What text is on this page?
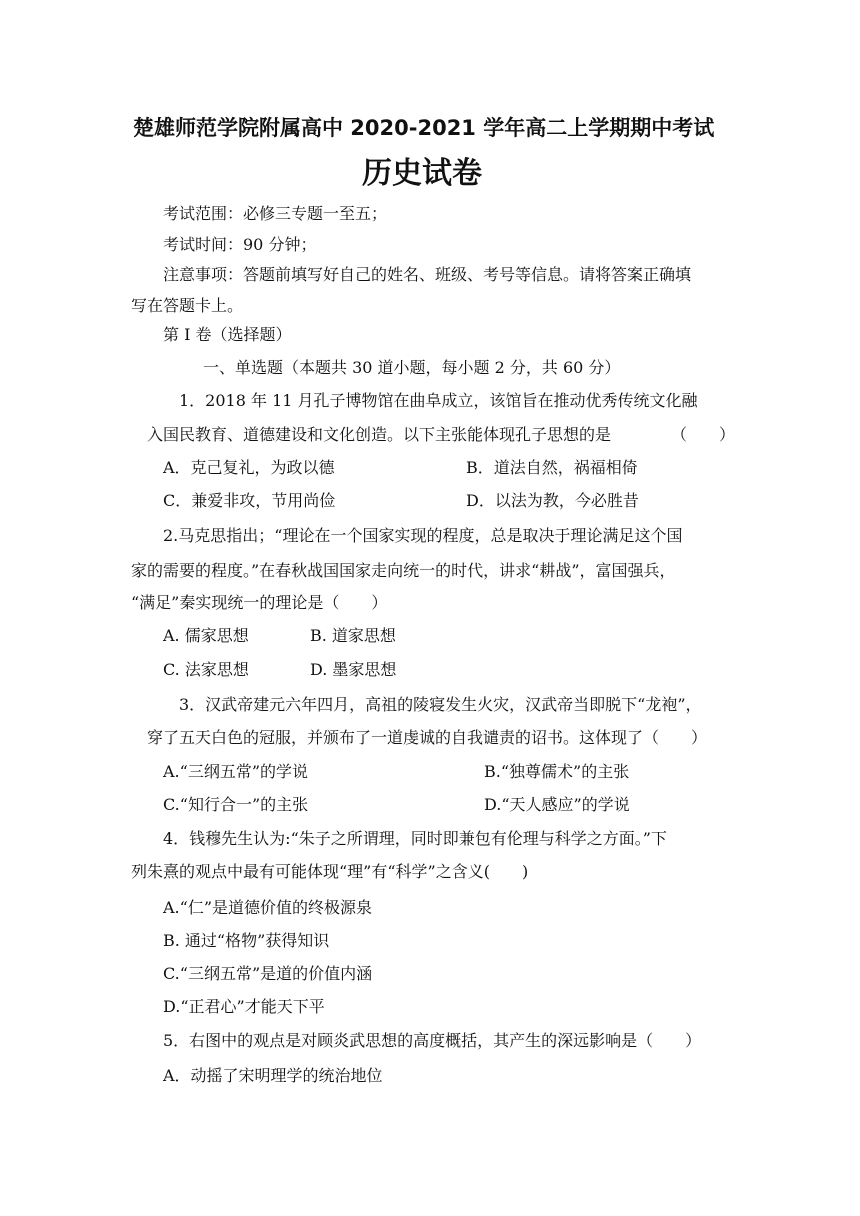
楚雄师范学院附属高中 2020-2021 学年高二上学期期中考试
历史试卷
考试范围：必修三专题一至五；
考试时间：90 分钟；
注意事项：答题前填写好自己的姓名、班级、考号等信息。请将答案正确填
写在答题卡上。
第 I 卷（选择题）
一、单选题（本题共 30 道小题，每小题 2 分，共 60 分）
1．2018 年 11 月孔子博物馆在曲阜成立，该馆旨在推动优秀传统文化融
入国民教育、道德建设和文化创造。以下主张能体现孔子思想的是	（　　）
A．克己复礼，为政以德	B．道法自然，祸福相倚
C．兼爱非攻，节用尚俭	D．以法为教，今必胜昔
2.马克思指出；“理论在一个国家实现的程度，总是取决于理论满足这个国
家的需要的程度。”在春秋战国国家走向统一的时代，讲求“耕战”，富国强兵，
“满足”秦实现统一的理论是（　　）
A. 儒家思想	B. 道家思想
C. 法家思想	D. 墨家思想
3．汉武帝建元六年四月，高祖的陵寝发生火灾，汉武帝当即脱下“龙袍”，
穿了五天白色的冠服，并颁布了一道虔诚的自我谴责的诏书。这体现了（　　）
A.“三纲五常”的学说	B.“独尊儒术”的主张
C.“知行合一”的主张	D.“天人感应”的学说
4．钱穆先生认为:“朱子之所谓理，同时即兼包有伦理与科学之方面。”下
列朱熹的观点中最有可能体现“理”有“科学”之含义(　　)
A.“仁”是道德价值的终极源泉
B. 通过“格物”获得知识
C.“三纲五常”是道的价值内涵
D.“正君心”才能天下平
5．右图中的观点是对顾炎武思想的高度概括，其产生的深远影响是（　　）
A．动摇了宋明理学的统治地位
